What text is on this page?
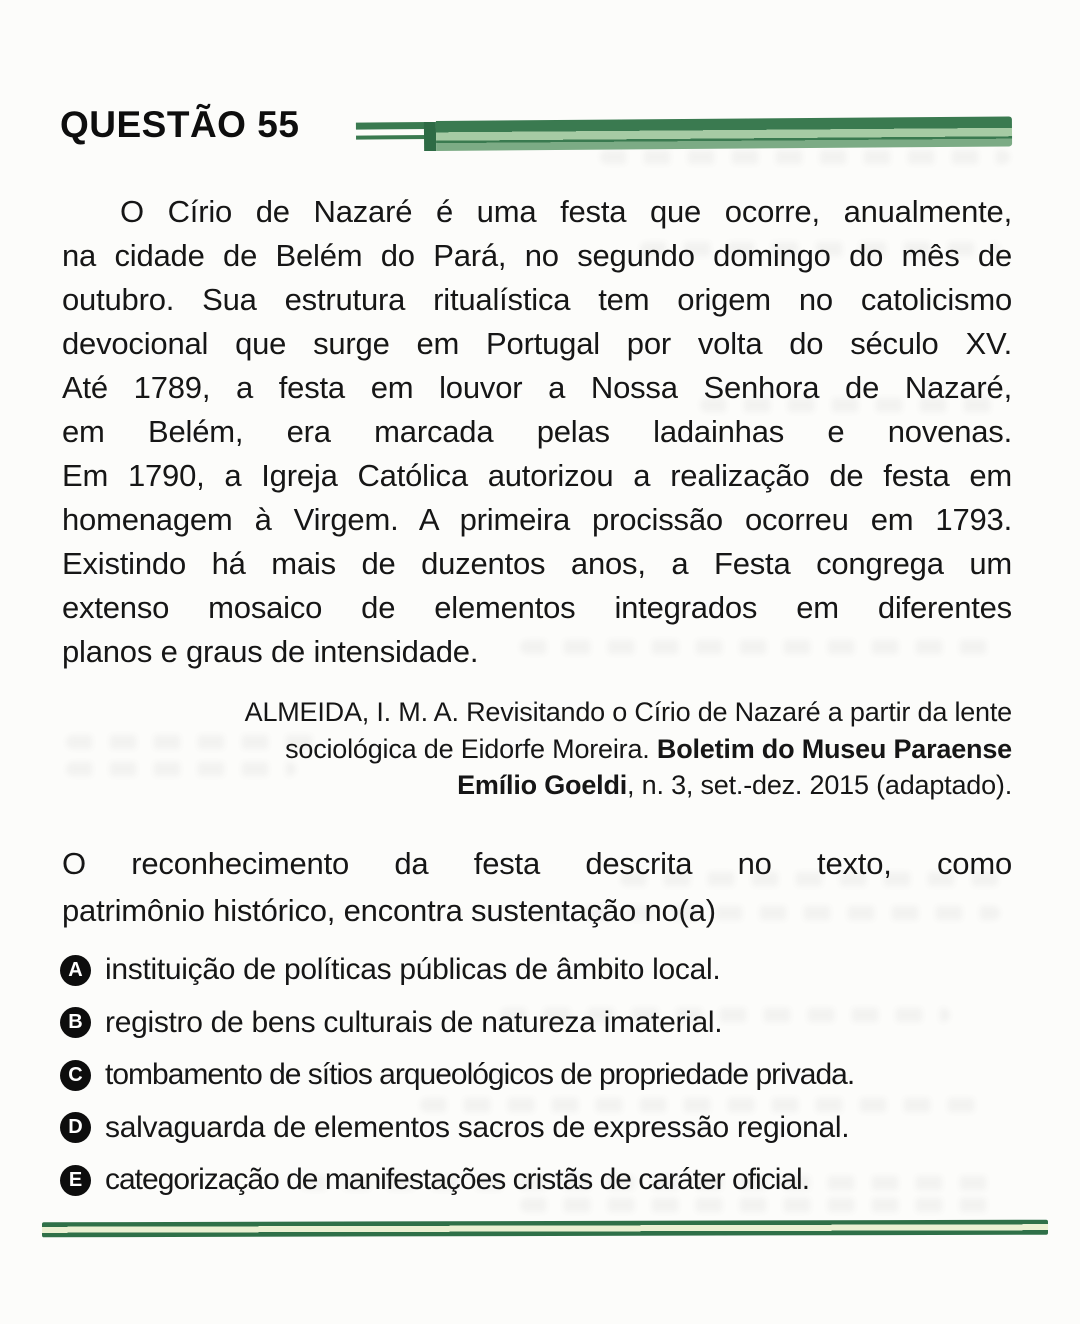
QUESTÃO 55
O Círio de Nazaré é uma festa que ocorre, anualmente,
na cidade de Belém do Pará, no segundo domingo do mês de
outubro. Sua estrutura ritualística tem origem no catolicismo
devocional que surge em Portugal por volta do século XV.
Até 1789, a festa em louvor a Nossa Senhora de Nazaré,
em Belém, era marcada pelas ladainhas e novenas.
Em 1790, a Igreja Católica autorizou a realização de festa em
homenagem à Virgem. A primeira procissão ocorreu em 1793.
Existindo há mais de duzentos anos, a Festa congrega um
extenso mosaico de elementos integrados em diferentes
planos e graus de intensidade.
ALMEIDA, I. M. A. Revisitando o Círio de Nazaré a partir da lente
sociológica de Eidorfe Moreira. Boletim do Museu Paraense
Emílio Goeldi, n. 3, set.-dez. 2015 (adaptado).
O reconhecimento da festa descrita no texto, como
patrimônio histórico, encontra sustentação no(a)
A instituição de políticas públicas de âmbito local.
B registro de bens culturais de natureza imaterial.
C tombamento de sítios arqueológicos de propriedade privada.
D salvaguarda de elementos sacros de expressão regional.
E categorização de manifestações cristãs de caráter oficial.
